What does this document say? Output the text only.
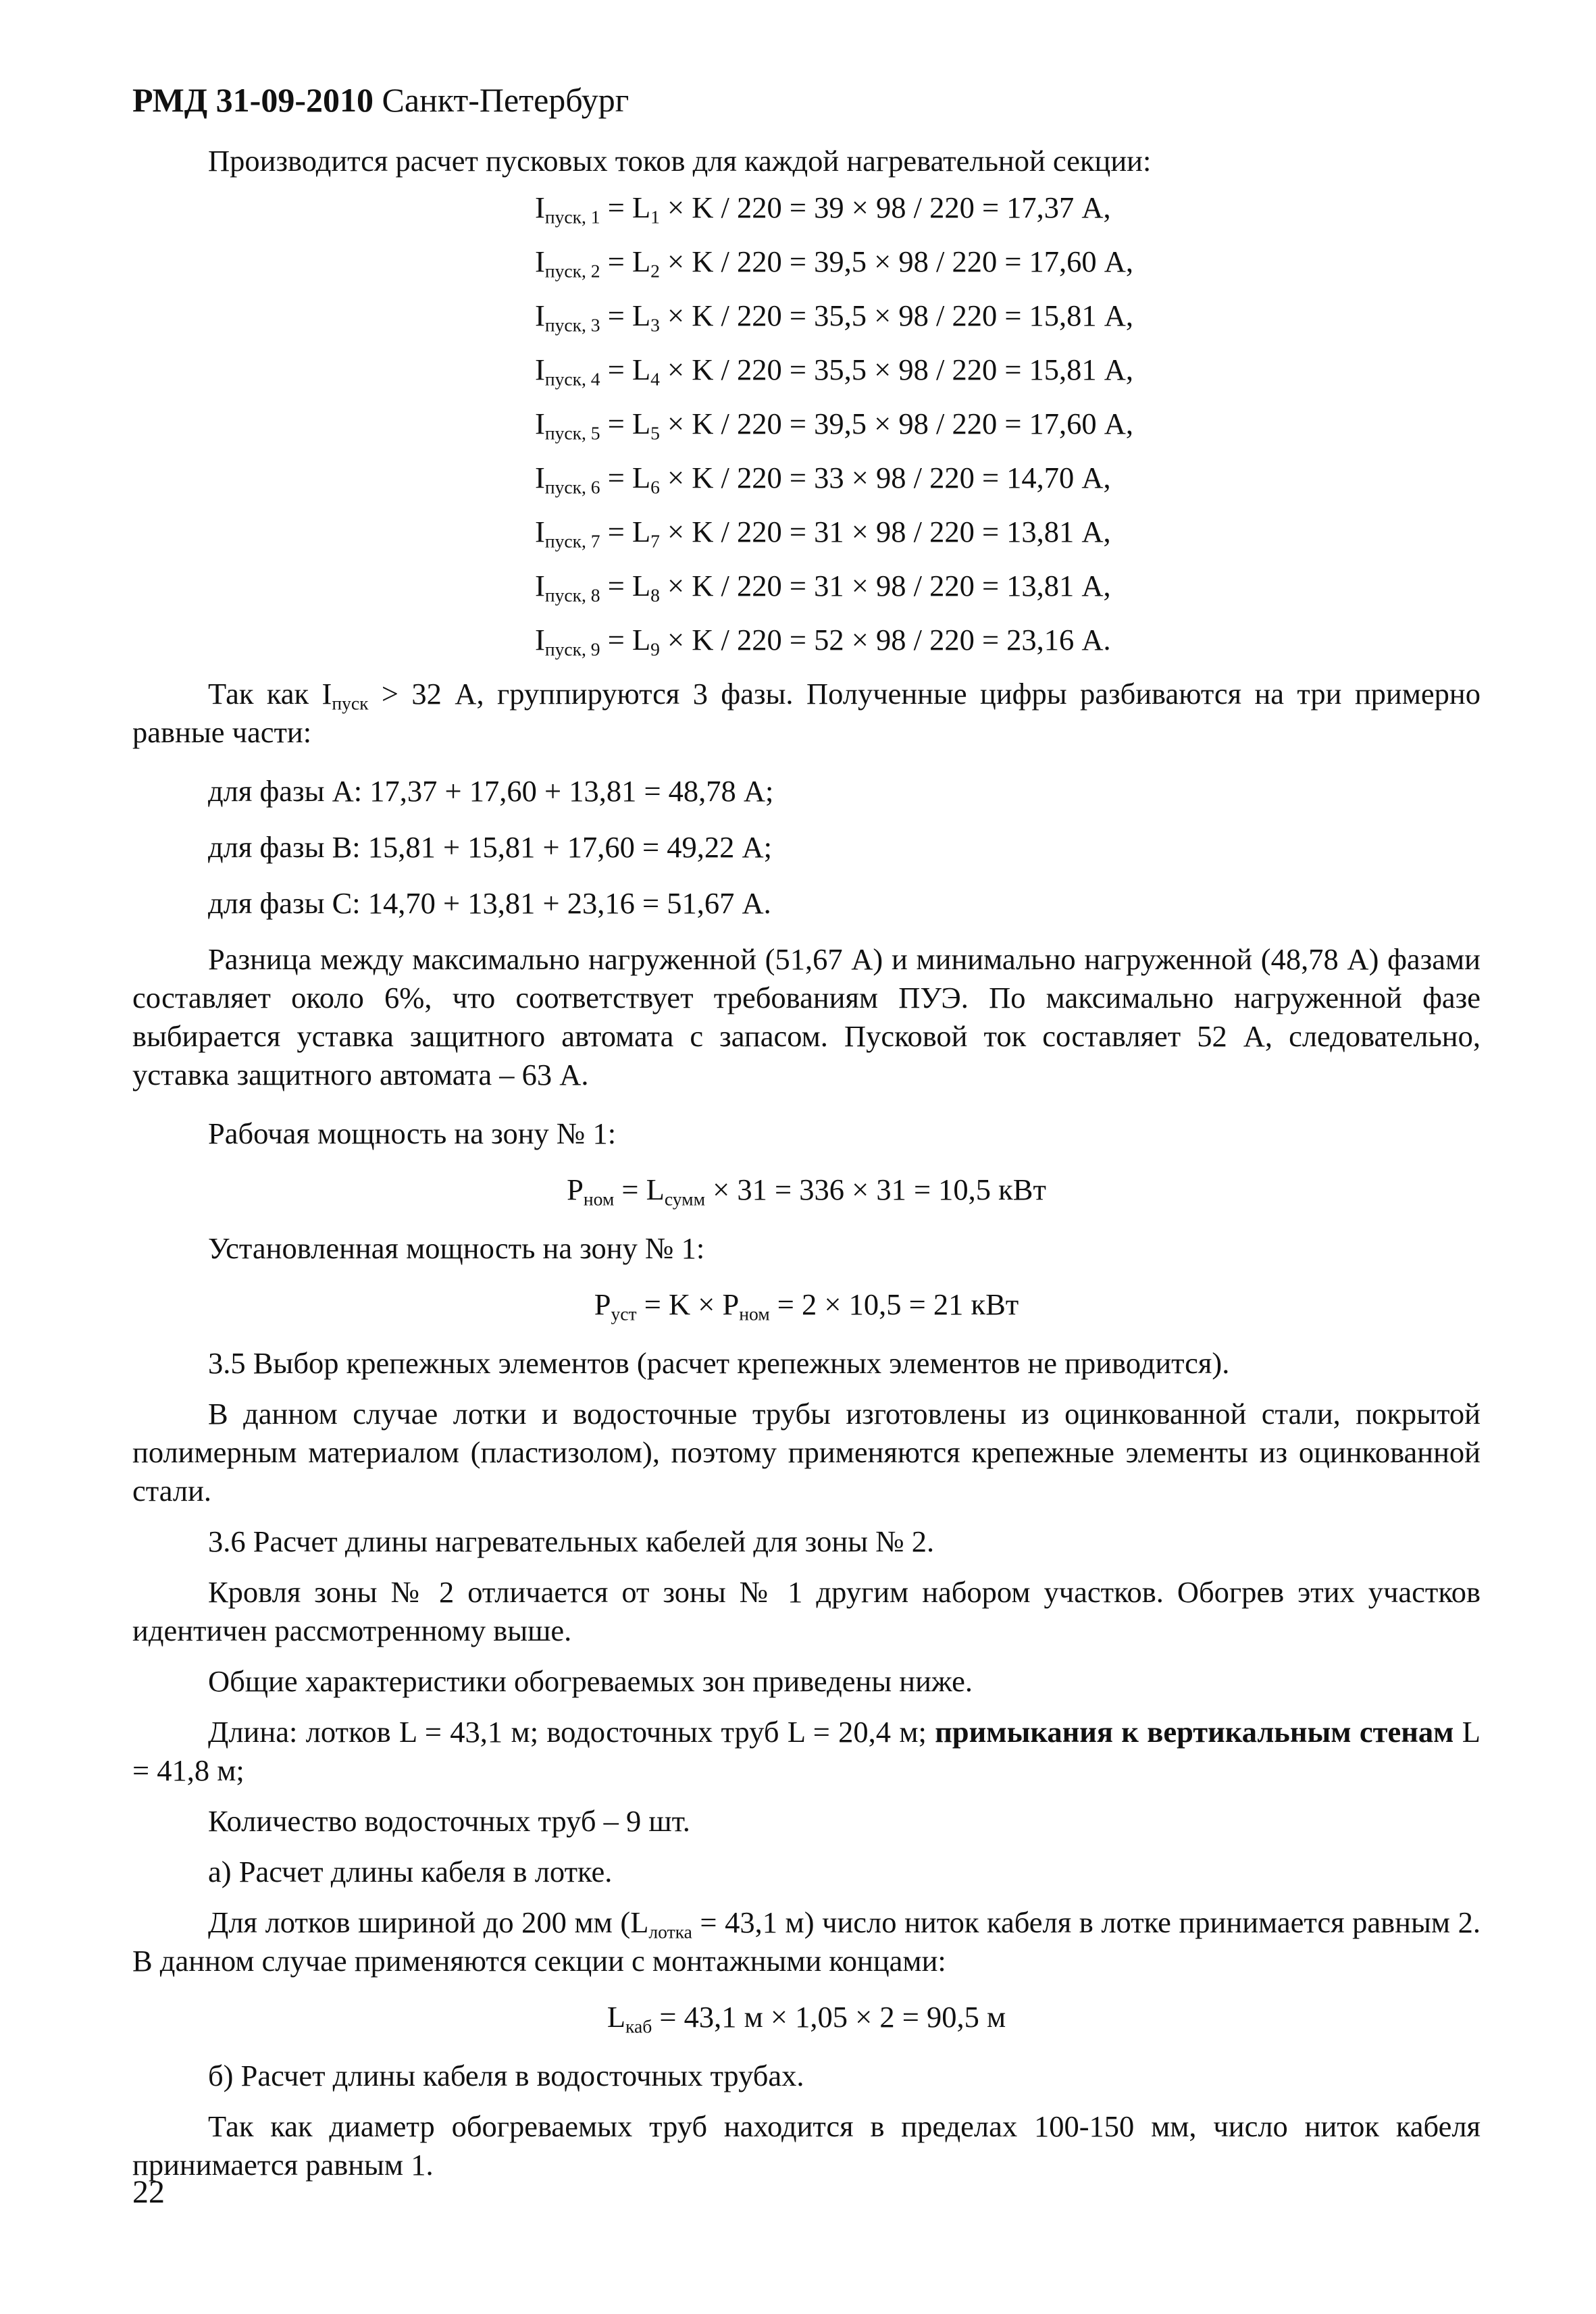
РМД 31-09-2010 Санкт-Петербург

Производится расчет пусковых токов для каждой нагревательной секции:

$I_{пуск, 1} = L_1 \times K / 220 = 39 \times 98 / 220 = 17,37$ А,

$I_{пуск, 2} = L_2 \times K / 220 = 39,5 \times 98 / 220 = 17,60$ А,

$I_{пуск, 3} = L_3 \times K / 220 = 35,5 \times 98 / 220 = 15,81$ А,

$I_{пуск, 4} = L_4 \times K / 220 = 35,5 \times 98 / 220 = 15,81$ А,

$I_{пуск, 5} = L_5 \times K / 220 = 39,5 \times 98 / 220 = 17,60$ А,

$I_{пуск, 6} = L_6 \times K / 220 = 33 \times 98 / 220 = 14,70$ А,

$I_{пуск, 7} = L_7 \times K / 220 = 31 \times 98 / 220 = 13,81$ А,

$I_{пуск, 8} = L_8 \times K / 220 = 31 \times 98 / 220 = 13,81$ А,

$I_{пуск, 9} = L_9 \times K / 220 = 52 \times 98 / 220 = 23,16$ А.

Так как $I_{пуск} > 32$ А, группируются 3 фазы. Полученные цифры разбиваются на три примерно равные части:

для фазы А: 17,37 + 17,60 + 13,81 = 48,78 А;

для фазы В: 15,81 + 15,81 + 17,60 = 49,22 А;

для фазы С: 14,70 + 13,81 + 23,16 = 51,67 А.

Разница между максимально нагруженной (51,67 А) и минимально нагруженной (48,78 А) фазами составляет около 6%, что соответствует требованиям ПУЭ. По максимально нагруженной фазе выбирается уставка защитного автомата с запасом. Пусковой ток составляет 52 А, следовательно, уставка защитного автомата – 63 А.

Рабочая мощность на зону № 1:

$P_{ном} = L_{сумм} \times 31 = 336 \times 31 = 10,5$ кВт

Установленная мощность на зону № 1:

$P_{уст} = K \times P_{ном} = 2 \times 10,5 = 21$ кВт

3.5 Выбор крепежных элементов (расчет крепежных элементов не приводится).

В данном случае лотки и водосточные трубы изготовлены из оцинкованной стали, покрытой полимерным материалом (пластизолом), поэтому применяются крепежные элементы из оцинкованной стали.

3.6 Расчет длины нагревательных кабелей для зоны № 2.

Кровля зоны № 2 отличается от зоны № 1 другим набором участков. Обогрев этих участков идентичен рассмотренному выше.

Общие характеристики обогреваемых зон приведены ниже.

Длина: лотков L = 43,1 м; водосточных труб L = 20,4 м; примыкания к вертикальным стенам L = 41,8 м;

Количество водосточных труб – 9 шт.

а) Расчет длины кабеля в лотке.

Для лотков шириной до 200 мм ($L_{лотка} = 43,1$ м) число ниток кабеля в лотке принимается равным 2. В данном случае применяются секции с монтажными концами:

$L_{каб} = 43,1$ м × 1,05 × 2 = 90,5 м

б) Расчет длины кабеля в водосточных трубах.

Так как диаметр обогреваемых труб находится в пределах 100-150 мм, число ниток кабеля принимается равным 1.

22
